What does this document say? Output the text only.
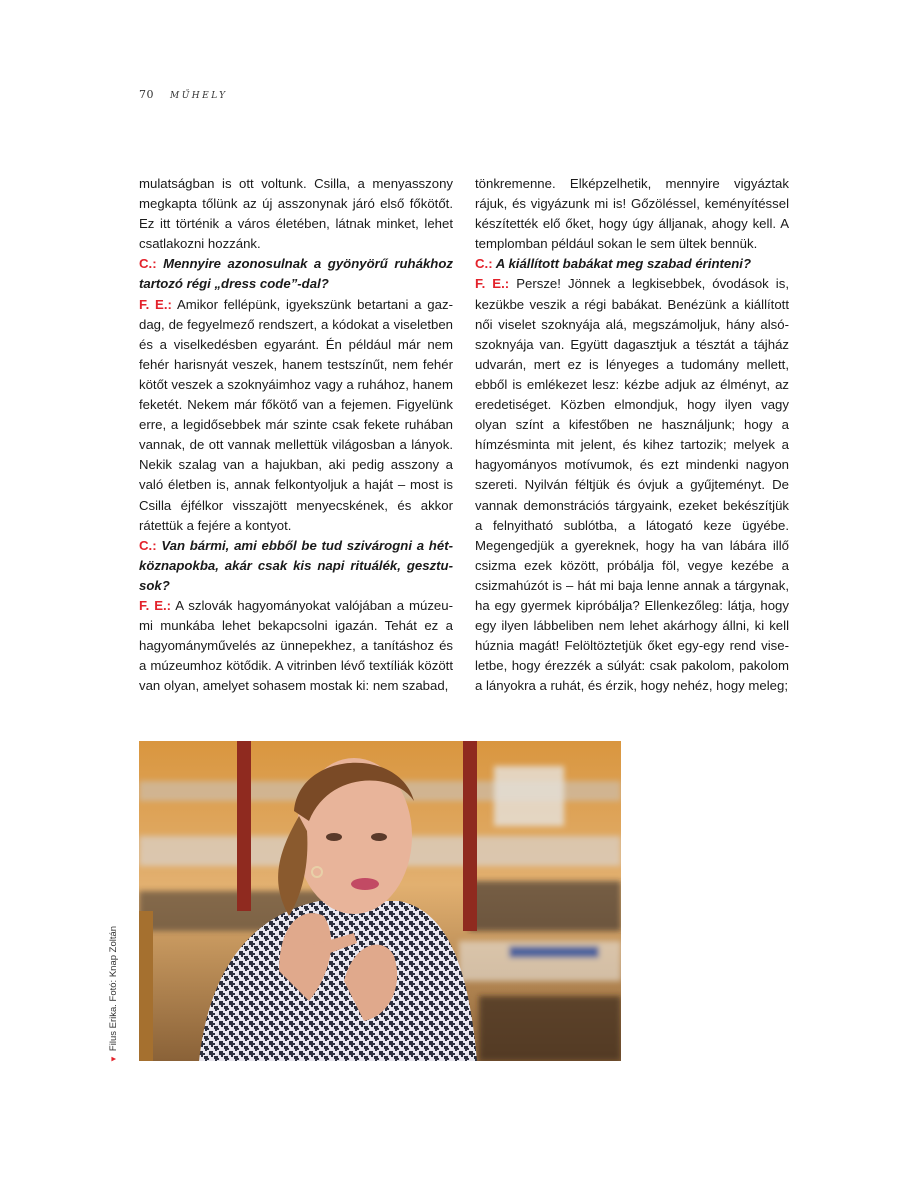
70 MŰHELY

mulatságban is ott voltunk. Csilla, a menyasszony megkapta tőlünk az új asszonynak járó első főkötőt. Ez itt történik a város életében, látnak minket, lehet csatlakozni hozzánk.

C.: Mennyire azonosulnak a gyönyörű ruhákhoz tartozó régi „dress code”-dal?

F. E.: Amikor fellépünk, igyekszünk betartani a gazdag, de fegyelmező rendszert, a kódokat a viseletben és a viselkedésben egyaránt. Én például már nem fehér harisnyát veszek, hanem testszínűt, nem fehér kötőt veszek a szoknyáimhoz vagy a ruhához, hanem feketét. Nekem már főkötő van a fejemen. Figyelünk erre, a legidősebbek már szinte csak fekete ruhában vannak, de ott vannak mellettük világosban a lányok. Nekik szalag van a hajukban, aki pedig asszony a való életben is, annak felkontyoljuk a haját – most is Csilla éjfélkor visszajött menyecskének, és akkor rátettük a fejére a kontyot.

C.: Van bármi, ami ebből be tud szivárogni a hétköznapokba, akár csak kis napi rituálék, gesztusok?

F. E.: A szlovák hagyományokat valójában a múzeumi munkába lehet bekapcsolni igazán. Tehát ez a hagyományművelés az ünnepekhez, a tanításhoz és a múzeumhoz kötődik. A vitrinben lévő textíliák között van olyan, amelyet sohasem mostak ki: nem szabad,

tönkremenne. Elképzelhetik, mennyire vigyáztak rájuk, és vigyázunk mi is! Gőzöléssel, keményítéssel készítették elő őket, hogy úgy álljanak, ahogy kell. A templomban például sokan le sem ültek bennük.

C.: A kiállított babákat meg szabad érinteni?

F. E.: Persze! Jönnek a legkisebbek, óvodások is, kezükbe veszik a régi babákat. Benézünk a kiállított női viselet szoknyája alá, megszámoljuk, hány alsószoknyája van. Együtt dagasztjuk a tésztát a tájház udvarán, mert ez is lényeges a tudomány mellett, ebből is emlékezet lesz: kézbe adjuk az élményt, az eredetiséget. Közben elmondjuk, hogy ilyen vagy olyan színt a kifestőben ne használjunk; hogy a hímzésminta mit jelent, és kihez tartozik; melyek a hagyományos motívumok, és ezt mindenki nagyon szereti. Nyilván féltjük és óvjuk a gyűjteményt. De vannak demonstrációs tárgyaink, ezeket bekészítjük a felnyitható sublótba, a látogató keze ügyébe. Megengedjük a gyereknek, hogy ha van lábára illő csizma ezek között, próbálja föl, vegye kezébe a csizmahúzót is – hát mi baja lenne annak a tárgynak, ha egy gyermek kipróbálja? Ellenkezőleg: látja, hogy egy ilyen lábbeliben nem lehet akárhogy állni, ki kell húznia magát! Felöltöztetjük őket egy-egy rend viseletbe, hogy érezzék a súlyát: csak pakolom, pakolom a lányokra a ruhát, és érzik, hogy nehéz, hogy meleg;

▼Filus Erika. Fotó: Knap Zoltán
